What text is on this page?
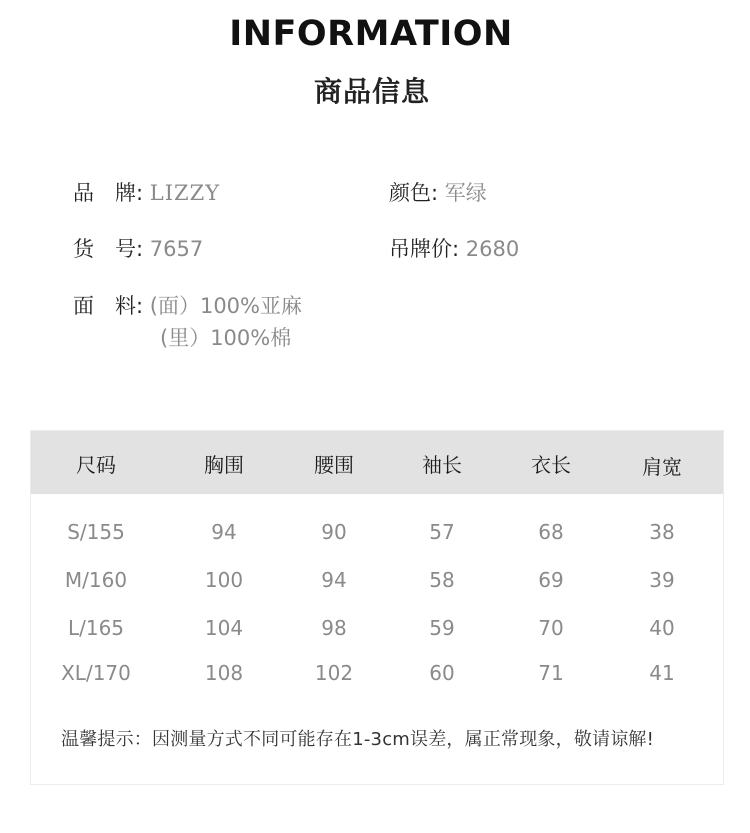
INFORMATION
商品信息
品　牌: LIZZY	颜色: 军绿
货　号: 7657	吊牌价: 2680
面　料: (面）100%亚麻
(里）100%棉
尺码	胸围	腰围	袖长	衣长	肩宽
S/155	94	90	57	68	38
M/160	100	94	58	69	39
L/165	104	98	59	70	40
XL/170	108	102	60	71	41
温馨提示：因测量方式不同可能存在1-3cm误差，属正常现象，敬请谅解!
